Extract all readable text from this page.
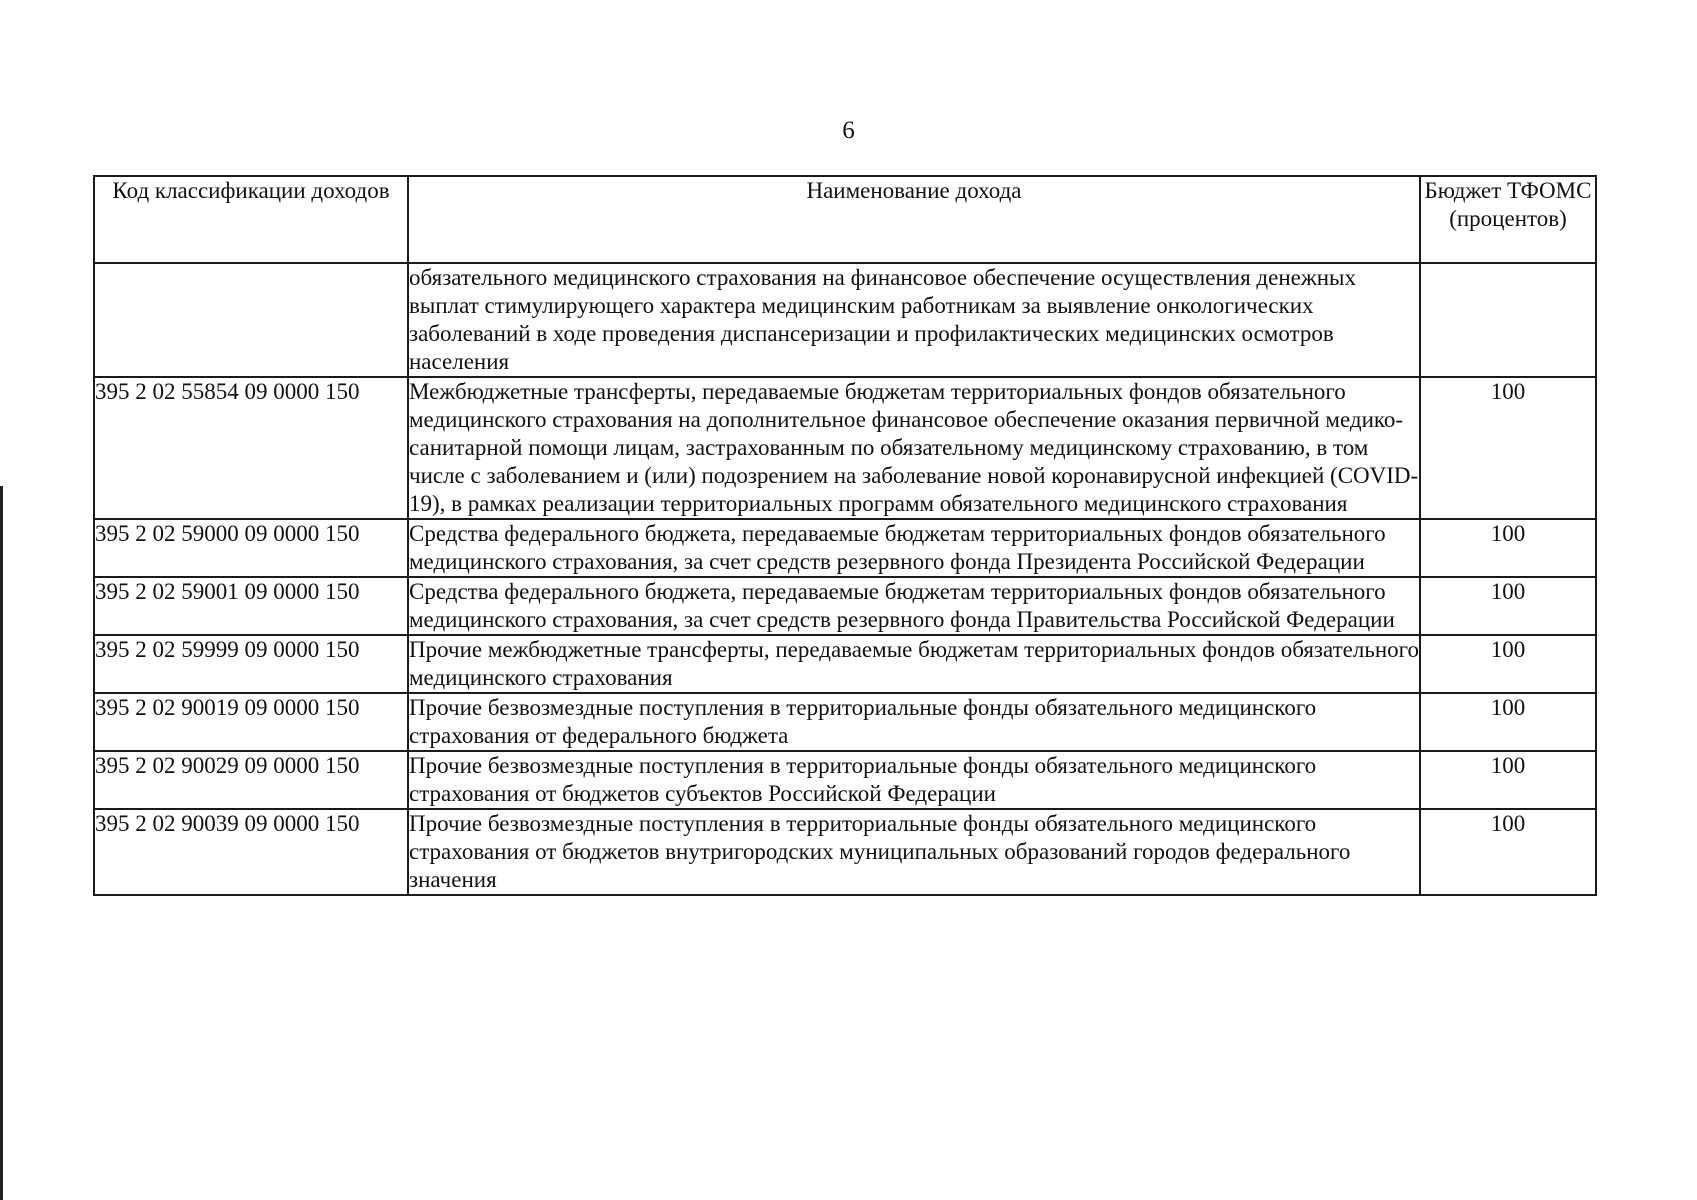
6
Код классификации доходов	Наименование дохода	Бюджет ТФОМС (процентов)

	обязательного медицинского страхования на финансовое обеспечение осуществления денежных выплат стимулирующего характера медицинским работникам за выявление онкологических заболеваний в ходе проведения диспансеризации и профилактических медицинских осмотров населения	

395 2 02 55854 09 0000 150	Межбюджетные трансферты, передаваемые бюджетам территориальных фондов обязательного медицинского страхования на дополнительное финансовое обеспечение оказания первичной медико-санитарной помощи лицам, застрахованным по обязательному медицинскому страхованию, в том числе с заболеванием и (или) подозрением на заболевание новой коронавирусной инфекцией (COVID-19), в рамках реализации территориальных программ обязательного медицинского страхования	100
395 2 02 59000 09 0000 150	Средства федерального бюджета, передаваемые бюджетам территориальных фондов обязательного медицинского страхования, за счет средств резервного фонда Президента Российской Федерации	100
395 2 02 59001 09 0000 150	Средства федерального бюджета, передаваемые бюджетам территориальных фондов обязательного медицинского страхования, за счет средств резервного фонда Правительства Российской Федерации	100
395 2 02 59999 09 0000 150	Прочие межбюджетные трансферты, передаваемые бюджетам территориальных фондов обязательного медицинского страхования	100
395 2 02 90019 09 0000 150	Прочие безвозмездные поступления в территориальные фонды обязательного медицинского страхования от федерального бюджета	100
395 2 02 90029 09 0000 150	Прочие безвозмездные поступления в территориальные фонды обязательного медицинского страхования от бюджетов субъектов Российской Федерации	100
395 2 02 90039 09 0000 150	Прочие безвозмездные поступления в территориальные фонды обязательного медицинского страхования от бюджетов внутригородских муниципальных образований городов федерального значения	100
